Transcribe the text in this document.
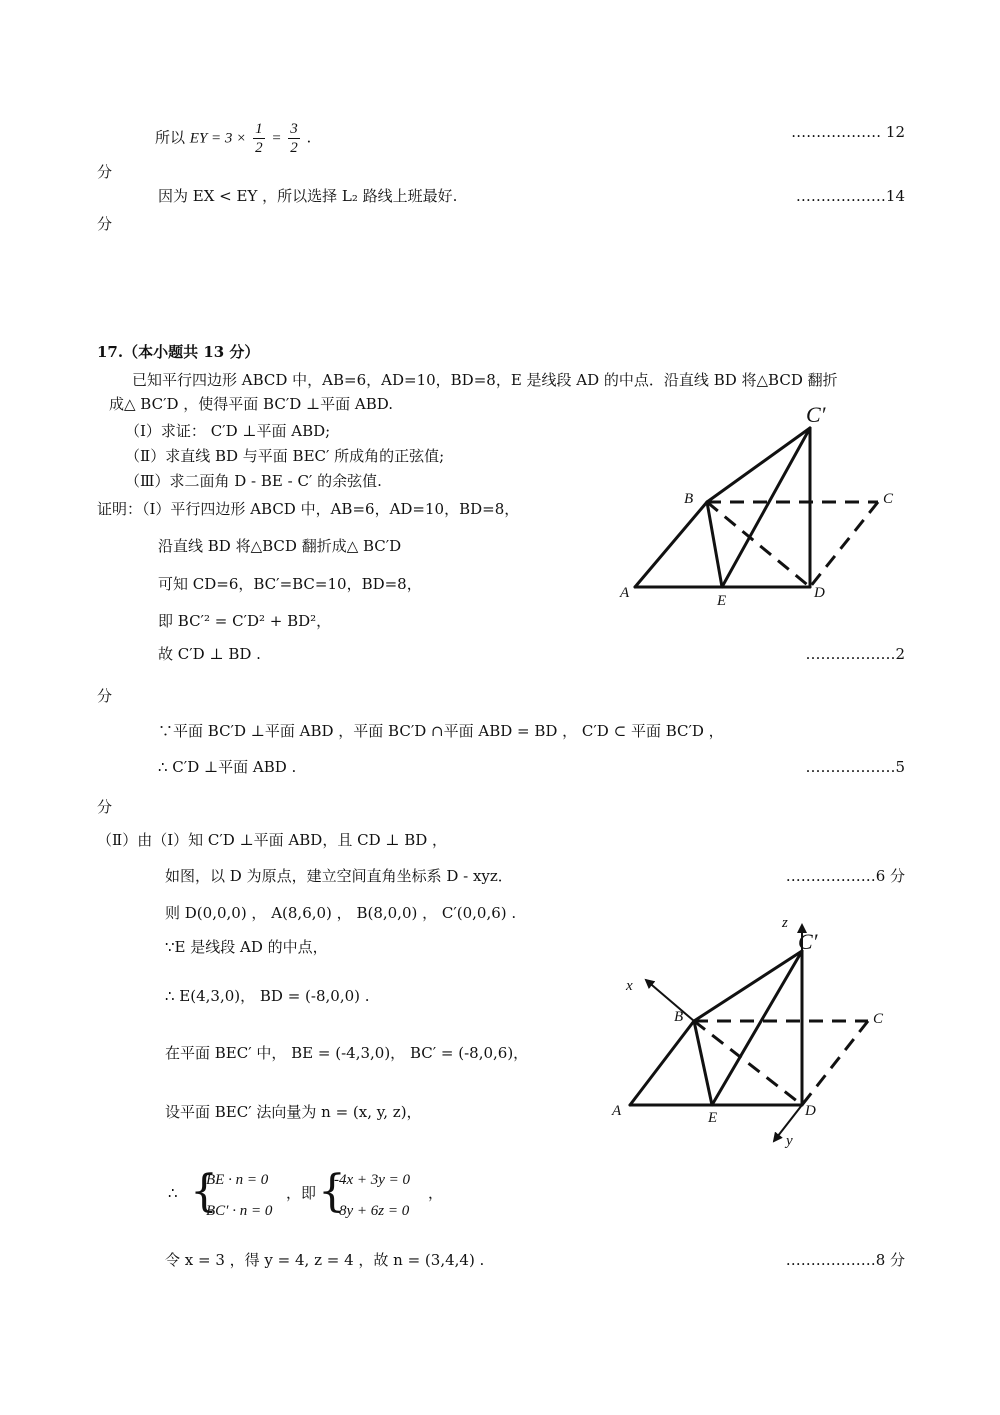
所以 EY = $3 \times \frac{1}{2} = \frac{3}{2}$ .	……………… 12
分
因为 EX < EY ，所以选择 L₂ 路线上班最好.	………………14
分
17.（本小题共 13 分）
已知平行四边形 ABCD 中，AB=6，AD=10，BD=8，E 是线段 AD 的中点．沿直线 BD 将△BCD 翻折
成△ BC′D ，使得平面 BC′D ⊥平面 ABD.
（Ⅰ）求证： C′D ⊥平面 ABD;
（Ⅱ）求直线 BD 与平面 BEC′ 所成角的正弦值;
（Ⅲ）求二面角 D - BE - C′ 的余弦值.
证明：（Ⅰ）平行四边形 ABCD 中，AB=6，AD=10，BD=8，
沿直线 BD 将△BCD 翻折成△ BC′D
可知 CD=6，BC′=BC=10，BD=8，
即 BC′² = C′D² + BD²，
故 C′D ⊥ BD .	………………2
分
∵平面 BC′D ⊥平面 ABD ，平面 BC′D ∩平面 ABD = BD ， C′D ⊂ 平面 BC′D ，
∴ C′D ⊥平面 ABD .	………………5
分
（Ⅱ）由（Ⅰ）知 C′D ⊥平面 ABD，且 CD ⊥ BD ，
如图，以 D 为原点，建立空间直角坐标系 D - xyz．	………………6 分
则 D(0,0,0) ， A(8,6,0) ， B(8,0,0) ， C′(0,0,6) .
∵E 是线段 AD 的中点，
∴ E(4,3,0)， BD = (-8,0,0) .
在平面 BEC′ 中， BE = (-4,3,0)， BC′ = (-8,0,6)，
设平面 BEC′ 法向量为 n = (x, y, z)，
∴ {
BE · n = 0
BC′ · n = 0
，即 {
-4x + 3y = 0
-8y + 6z = 0
，
令 x = 3 ，得 y = 4, z = 4 ，故 n = (3,4,4) .	………………8 分
C′
B	C
A	E	D
z
C′
x
B	C
A	E	D
y
